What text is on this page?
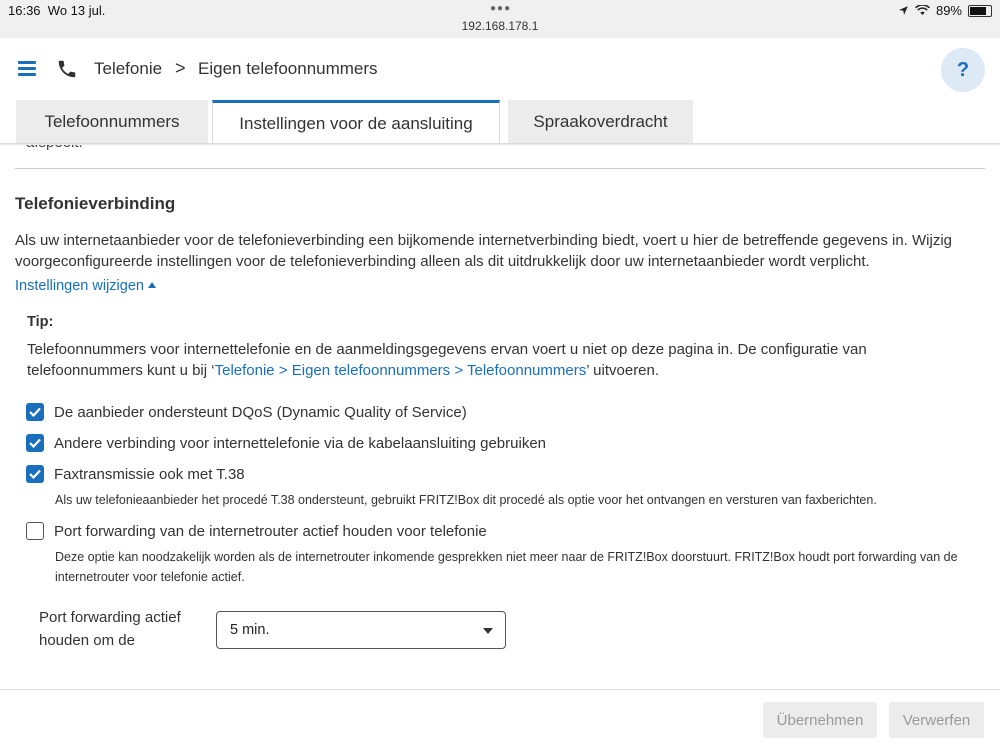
16:36 Wo 13 jul.	●●●
192.168.178.1
89%
Telefonie > Eigen telefoonnummers	?
Telefoonnummers	Instellingen voor de aansluiting	Spraakoverdracht
Telefonieverbinding
Als uw internetaanbieder voor de telefonieverbinding een bijkomende internetverbinding biedt, voert u hier de betreffende gegevens in. Wijzig voorgeconfigureerde instellingen voor de telefonieverbinding alleen als dit uitdrukkelijk door uw internetaanbieder wordt verplicht.
Instellingen wijzigen
Tip:
Telefoonnummers voor internettelefonie en de aanmeldingsgegevens ervan voert u niet op deze pagina in. De configuratie van telefoonnummers kunt u bij ‘Telefonie > Eigen telefoonnummers > Telefoonnummers’ uitvoeren.
De aanbieder ondersteunt DQoS (Dynamic Quality of Service)
Andere verbinding voor internettelefonie via de kabelaansluiting gebruiken
Faxtransmissie ook met T.38
Als uw telefonieaanbieder het procedé T.38 ondersteunt, gebruikt FRITZ!Box dit procedé als optie voor het ontvangen en versturen van faxberichten.
Port forwarding van de internetrouter actief houden voor telefonie
Deze optie kan noodzakelijk worden als de internetrouter inkomende gesprekken niet meer naar de FRITZ!Box doorstuurt. FRITZ!Box houdt port forwarding van de internetrouter voor telefonie actief.
Port forwarding actief
houden om de
5 min.
Übernehmen	Verwerfen
